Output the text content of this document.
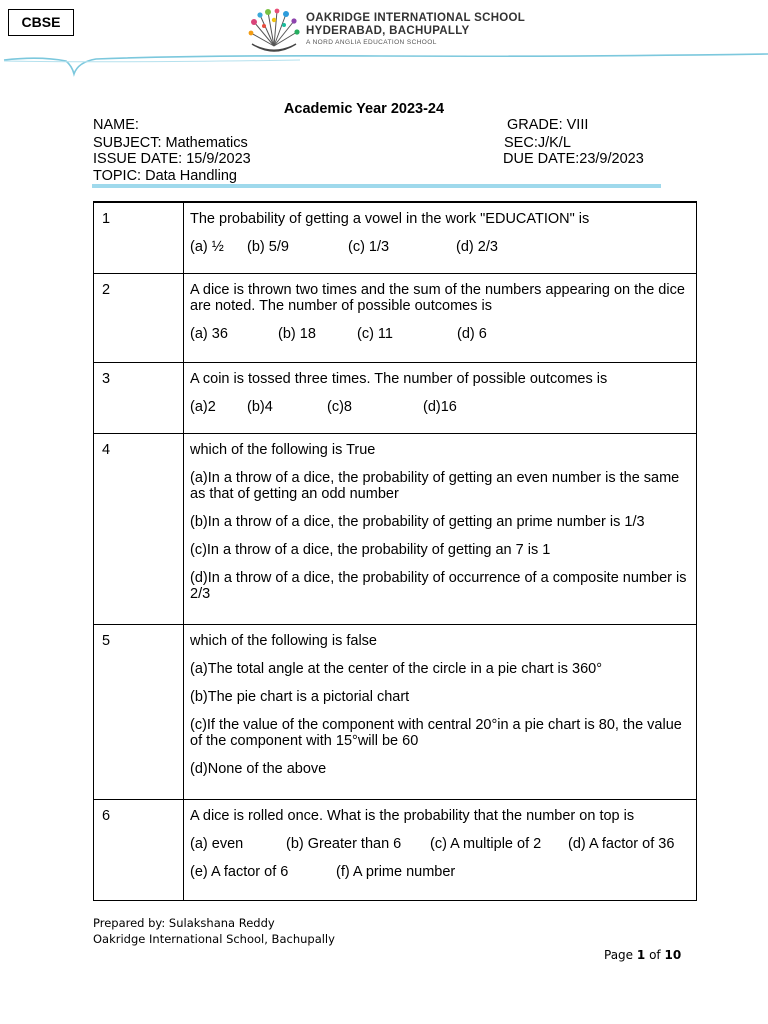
CBSE	OAKRIDGE INTERNATIONAL SCHOOL
HYDERABAD, BACHUPALLY
A NORD ANGLIA EDUCATION SCHOOL
Academic Year 2023-24
NAME:	GRADE: VIII
SUBJECT: Mathematics	SEC:J/K/L
ISSUE DATE: 15/9/2023	DUE DATE:23/9/2023
TOPIC: Data Handling
1	The probability of getting a vowel in the work "EDUCATION" is
(a) ½ (b) 5/9 (c) 1/3 (d) 2/3

2	A dice is thrown two times and the sum of the numbers appearing on the dice are noted. The number of possible outcomes is
(a) 36 (b) 18 (c) 11 (d) 6

3	A coin is tossed three times. The number of possible outcomes is
(a)2 (b)4 (c)8 (d)16

4	which of the following is True
(a)In a throw of a dice, the probability of getting an even number is the same as that of getting an odd number
(b)In a throw of a dice, the probability of getting an prime number is 1/3
(c)In a throw of a dice, the probability of getting an 7 is 1
(d)In a throw of a dice, the probability of occurrence of a composite number is 2/3

5	which of the following is false
(a)The total angle at the center of the circle in a pie chart is 360°
(b)The pie chart is a pictorial chart
(c)If the value of the component with central 20°in a pie chart is 80, the value of the component with 15°will be 60
(d)None of the above

6	A dice is rolled once. What is the probability that the number on top is
(a) even (b) Greater than 6 (c) A multiple of 2 (d) A factor of 36
(e) A factor of 6 (f) A prime number
Prepared by: Sulakshana Reddy
Oakridge International School, Bachupally
Page 1 of 10
